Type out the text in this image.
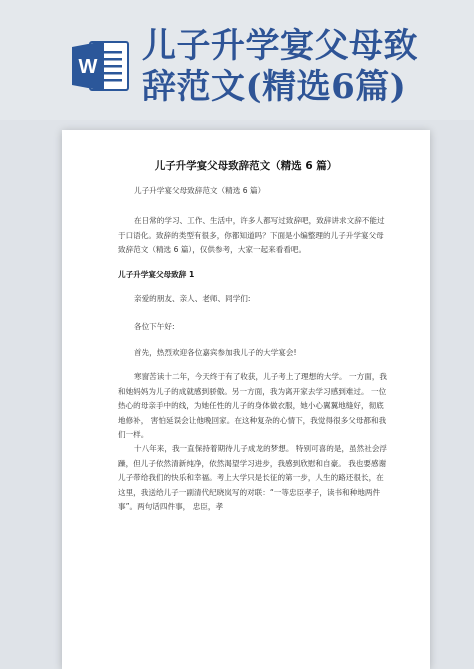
W
儿子升学宴父母致
辞范文(精选6篇)
儿子升学宴父母致辞范文（精选 6 篇）
儿子升学宴父母致辞范文（精选 6 篇）
在日常的学习、工作、生活中，许多人都写过致辞吧，致辞讲求文辞不能过于口语化。致辞的类型有很多，你都知道吗？下面是小编整理的儿子升学宴父母致辞范文（精选 6 篇），仅供参考，大家一起来看看吧。
儿子升学宴父母致辞 1
亲爱的朋友、亲人、老师、同学们:
各位下午好:
首先，热烈欢迎各位嘉宾参加我儿子的大学宴会!
寒窗苦读十二年，今天终于有了收获，儿子考上了理想的大学。 一方面，我和她妈妈为儿子的成就感到骄傲。另一方面，我为离开家去学习感到难过。 一位热心的母亲手中的线，为她任性的儿子的身体做衣服，她小心翼翼地缝好，彻底地修补， 害怕延误会让他晚回家。在这种复杂的心情下，我觉得很多父母都和我们一样。
十八年来，我一直保持着期待儿子成龙的梦想。 特别可喜的是，虽然社会浮躁，但儿子依然清新纯净，依然渴望学习进步，我感到欣慰和自豪。 我也要感谢儿子带给我们的快乐和幸福。考上大学只是长征的第一步，人生的路还很长，在这里，我送给儿子一副清代纪晓岚写的对联：“一等忠臣孝子，读书和种地两件事”。两句话四件事， 忠臣，孝
